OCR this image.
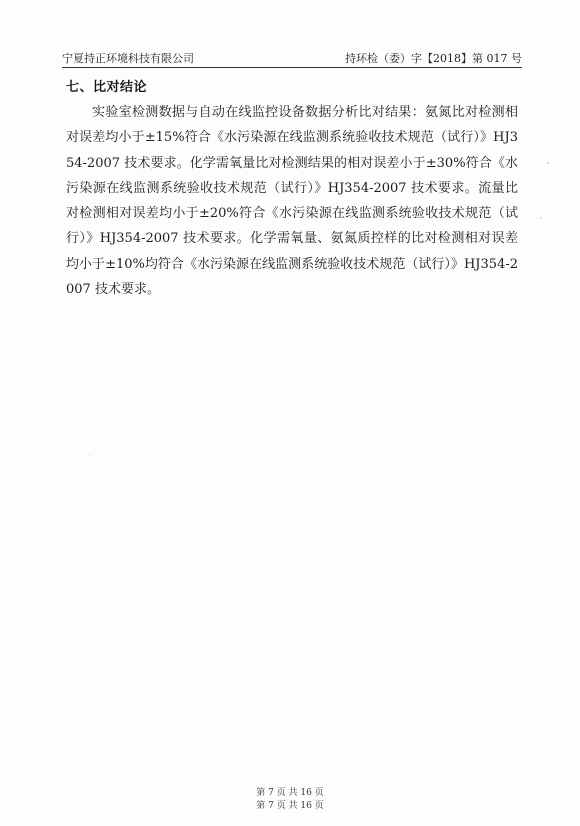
宁夏持正环境科技有限公司	持环检（委）字【2018】第 017 号
七、比对结论

实验室检测数据与自动在线监控设备数据分析比对结果：氨氮比对检测相对误差均小于±15%符合《水污染源在线监测系统验收技术规范（试行）》HJ354-2007 技术要求。化学需氧量比对检测结果的相对误差小于±30%符合《水污染源在线监测系统验收技术规范（试行）》HJ354-2007 技术要求。流量比对检测相对误差均小于±20%符合《水污染源在线监测系统验收技术规范（试行）》HJ354-2007 技术要求。化学需氧量、氨氮质控样的比对检测相对误差均小于±10%均符合《水污染源在线监测系统验收技术规范（试行）》HJ354-2007 技术要求。

第 7 页 共 16 页
第 7 页 共 16 页
